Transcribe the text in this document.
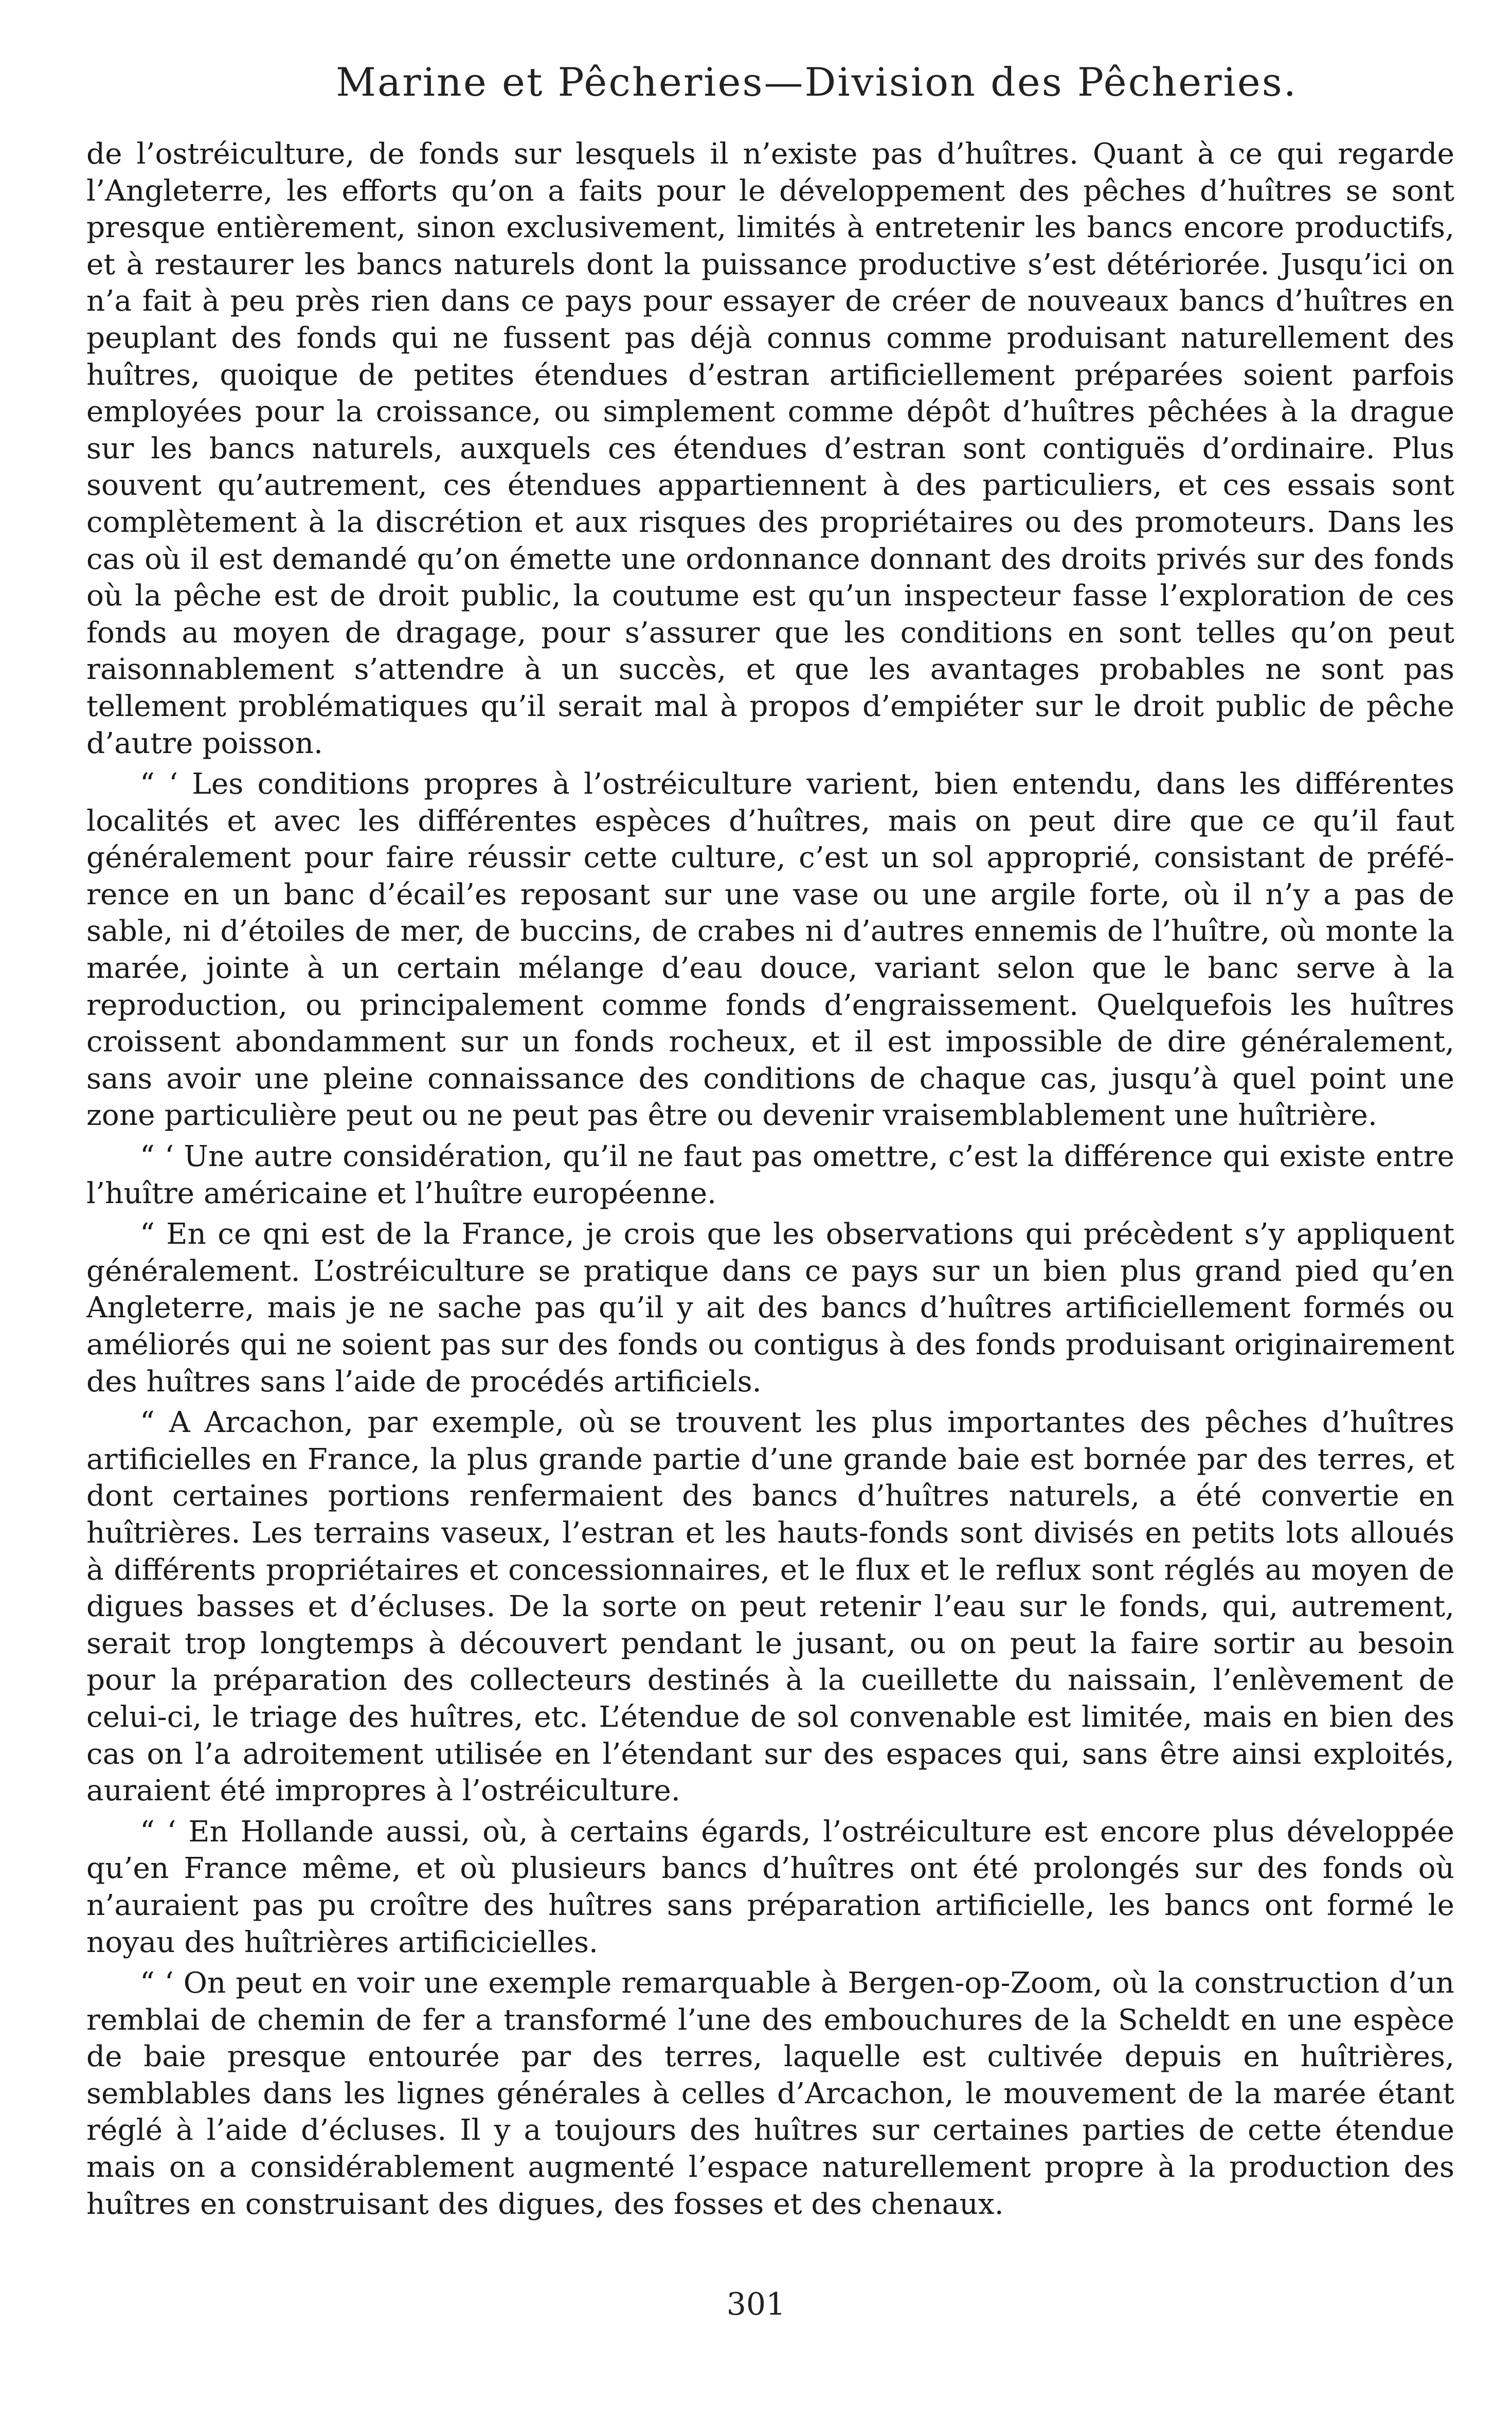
Marine et Pêcheries—Division des Pêcheries.

de l’ostréiculture, de fonds sur lesquels il n’existe pas d’huîtres. Quant à ce qui regarde l’Angleterre, les efforts qu’on a faits pour le développement des pêches d’huîtres se sont presque entièrement, sinon exclusivement, limités à entretenir les bancs encore productifs, et à restaurer les bancs naturels dont la puissance productive s’est détériorée. Jusqu’ici on n’a fait à peu près rien dans ce pays pour essayer de créer de nouveaux bancs d’huîtres en peuplant des fonds qui ne fussent pas déjà connus comme produisant naturellement des huîtres, quoique de petites étendues d’estran artificiellement préparées soient parfois employées pour la croissance, ou simplement comme dépôt d’huîtres pêchées à la drague sur les bancs naturels, auxquels ces étendues d’estran sont contiguës d’ordinaire. Plus souvent qu’autrement, ces étendues appartiennent à des particuliers, et ces essais sont complètement à la discrétion et aux risques des propriétaires ou des promoteurs. Dans les cas où il est demandé qu’on émette une ordonnance donnant des droits privés sur des fonds où la pêche est de droit public, la coutume est qu’un inspecteur fasse l’exploration de ces fonds au moyen de dragage, pour s’assurer que les conditions en sont telles qu’on peut raisonnablement s’attendre à un succès, et que les avantages probables ne sont pas tellement problématiques qu’il serait mal à propos d’empiéter sur le droit public de pêche d’autre poisson.

“ ‘ Les conditions propres à l’ostréiculture varient, bien entendu, dans les différentes localités et avec les différentes espèces d’huîtres, mais on peut dire que ce qu’il faut généralement pour faire réussir cette culture, c’est un sol approprié, consistant de préférence en un banc d’écail’es reposant sur une vase ou une argile forte, où il n’y a pas de sable, ni d’étoiles de mer, de buccins, de crabes ni d’autres ennemis de l’huître, où monte la marée, jointe à un certain mélange d’eau douce, variant selon que le banc serve à la reproduction, ou principalement comme fonds d’engraissement. Quelquefois les huîtres croissent abondamment sur un fonds rocheux, et il est impossible de dire généralement, sans avoir une pleine connaissance des conditions de chaque cas, jusqu’à quel point une zone particulière peut ou ne peut pas être ou devenir vraisemblablement une huîtrière.

“ ‘ Une autre considération, qu’il ne faut pas omettre, c’est la différence qui existe entre l’huître américaine et l’huître européenne.

“ En ce qni est de la France, je crois que les observations qui précèdent s’y appliquent généralement. L’ostréiculture se pratique dans ce pays sur un bien plus grand pied qu’en Angleterre, mais je ne sache pas qu’il y ait des bancs d’huîtres artificiellement formés ou améliorés qui ne soient pas sur des fonds ou contigus à des fonds produisant originairement des huîtres sans l’aide de procédés artificiels.

“ A Arcachon, par exemple, où se trouvent les plus importantes des pêches d’huîtres artificielles en France, la plus grande partie d’une grande baie est bornée par des terres, et dont certaines portions renfermaient des bancs d’huîtres naturels, a été convertie en huîtrières. Les terrains vaseux, l’estran et les hauts-fonds sont divisés en petits lots alloués à différents propriétaires et concessionnaires, et le flux et le reflux sont réglés au moyen de digues basses et d’écluses. De la sorte on peut retenir l’eau sur le fonds, qui, autrement, serait trop longtemps à découvert pendant le jusant, ou on peut la faire sortir au besoin pour la préparation des collecteurs destinés à la cueillette du naissain, l’enlèvement de celui-ci, le triage des huîtres, etc. L’étendue de sol convenable est limitée, mais en bien des cas on l’a adroitement utilisée en l’étendant sur des espaces qui, sans être ainsi exploités, auraient été impropres à l’ostréiculture.

“ ‘ En Hollande aussi, où, à certains égards, l’ostréiculture est encore plus développée qu’en France même, et où plusieurs bancs d’huîtres ont été prolongés sur des fonds où n’auraient pas pu croître des huîtres sans préparation artificielle, les bancs ont formé le noyau des huîtrières artificicielles.

“ ‘ On peut en voir une exemple remarquable à Bergen-op-Zoom, où la construction d’un remblai de chemin de fer a transformé l’une des embouchures de la Scheldt en une espèce de baie presque entourée par des terres, laquelle est cultivée depuis en huîtrières, semblables dans les lignes générales à celles d’Arcachon, le mouvement de la marée étant réglé à l’aide d’écluses. Il y a toujours des huîtres sur certaines parties de cette étendue mais on a considérablement augmenté l’espace naturellement propre à la production des huîtres en construisant des digues, des fosses et des chenaux.

301
